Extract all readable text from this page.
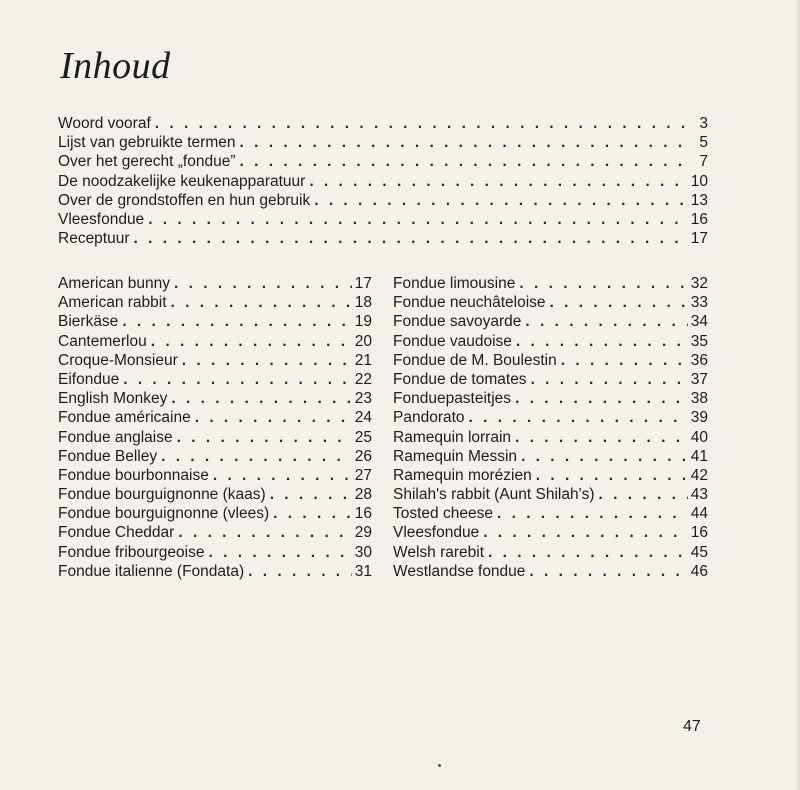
Inhoud
Woord vooraf . . .	3
Lijst van gebruikte termen . . .	5
Over het gerecht „fondue” . . .	7
De noodzakelijke keukenapparatuur . . .	10
Over de grondstoffen en hun gebruik . . .	13
Vleesfondue . . .	16
Receptuur . . .	17
American bunny . . .	17
American rabbit . . .	18
Bierkäse . . .	19
Cantemerlou . . .	20
Croque-Monsieur . . .	21
Eifondue . . .	22
English Monkey . . .	23
Fondue américaine . . .	24
Fondue anglaise . . .	25
Fondue Belley . . .	26
Fondue bourbonnaise . . .	27
Fondue bourguignonne (kaas) . . .	28
Fondue bourguignonne (vlees) . . .	16
Fondue Cheddar . . .	29
Fondue fribourgeoise . . .	30
Fondue italienne (Fondata) . . .	31
Fondue limousine . . .	32
Fondue neuchâteloise . . .	33
Fondue savoyarde . . .	34
Fondue vaudoise . . .	35
Fondue de M. Boulestin . . .	36
Fondue de tomates . . .	37
Fonduepasteitjes . . .	38
Pandorato . . .	39
Ramequin lorrain . . .	40
Ramequin Messin . . .	41
Ramequin morézien . . .	42
Shilah's rabbit (Aunt Shilah's) . . .	43
Tosted cheese . . .	44
Vleesfondue . . .	16
Welsh rarebit . . .	45
Westlandse fondue . . .	46

47
